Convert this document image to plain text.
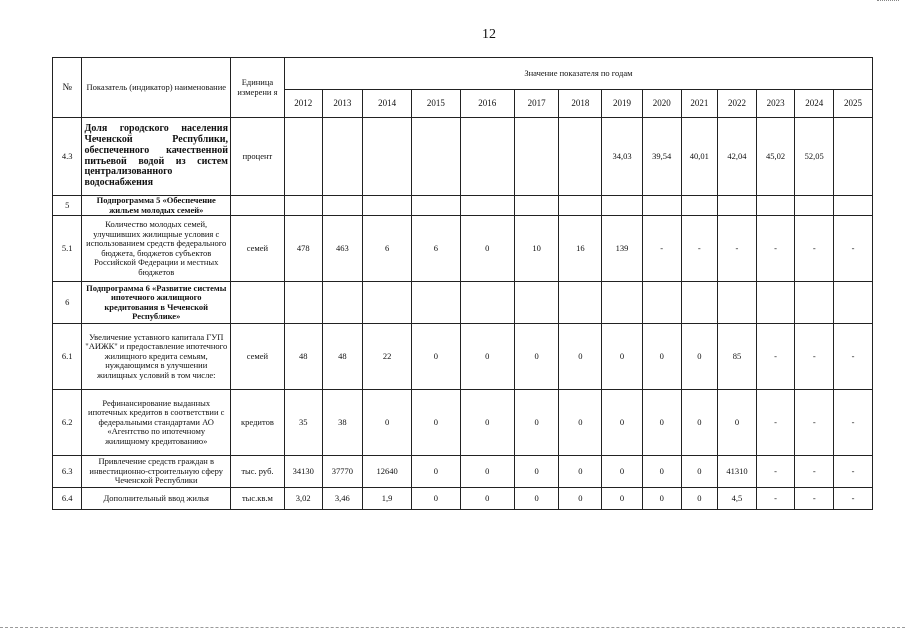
12
№	Показатель (индикатор) наименование	Единица измерени я	Значение показателя по годам													
			2012	2013	2014	2015	2016	2017	2018	2019	2020	2021	2022	2023	2024	2025
4.3	Доля городского населения Чеченской Республики, обеспеченного качественной питьевой водой из систем централизованного водоснабжения	процент								34,03	39,54	40,01	42,04	45,02	52,05	
5	Подпрограмма 5 «Обеспечение жильем молодых семей»															
5.1	Количество молодых семей, улучшивших жилищные условия с использованием средств федерального бюджета, бюджетов субъектов Российской Федерации и местных бюджетов	семей	478	463	6	6	0	10	16	139	-	-	-	-	-	-
6	Подпрограмма 6 «Развитие системы ипотечного жилищного кредитования в Чеченской Республике»															
6.1	Увеличение уставного капитала ГУП "АИЖК" и предоставление ипотечного жилищного кредита семьям, нуждающимся в улучшении жилищных условий в том числе:	семей	48	48	22	0	0	0	0	0	0	0	85	-	-	-
6.2	Рефинансирование выданных ипотечных кредитов в соответствии с федеральными стандартами АО «Агентство по ипотечному жилищному кредитованию»	кредитов	35	38	0	0	0	0	0	0	0	0	0	-	-	-
6.3	Привлечение средств граждан в инвестиционно-строительную сферу Чеченской Республики	тыс. руб.	34130	37770	12640	0	0	0	0	0	0	0	41310	-	-	-
6.4	Дополнительный ввод жилья	тыс.кв.м	3,02	3,46	1,9	0	0	0	0	0	0	0	4,5	-	-	-
